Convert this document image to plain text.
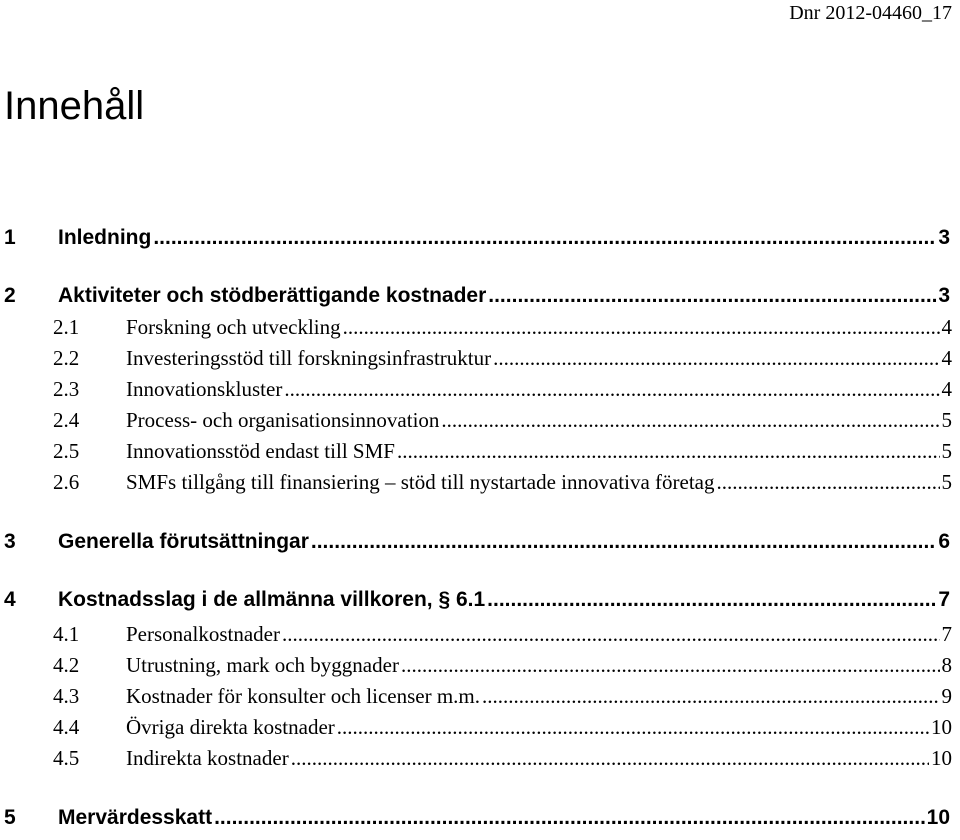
Dnr 2012-04460_17
Innehåll
1	Inledning .....	3
2	Aktiviteter och stödberättigande kostnader .....	3
2.1	Forskning och utveckling .....	4
2.2	Investeringsstöd till forskningsinfrastruktur .....	4
2.3	Innovationskluster .....	4
2.4	Process- och organisationsinnovation .....	5
2.5	Innovationsstöd endast till SMF .....	5
2.6	SMFs tillgång till finansiering – stöd till nystartade innovativa företag .....	5
3	Generella förutsättningar .....	6
4	Kostnadsslag i de allmänna villkoren, § 6.1 .....	7
4.1	Personalkostnader .....	7
4.2	Utrustning, mark och byggnader .....	8
4.3	Kostnader för konsulter och licenser m.m. .....	9
4.4	Övriga direkta kostnader .....	10
4.5	Indirekta kostnader .....	10
5	Mervärdesskatt .....	10
